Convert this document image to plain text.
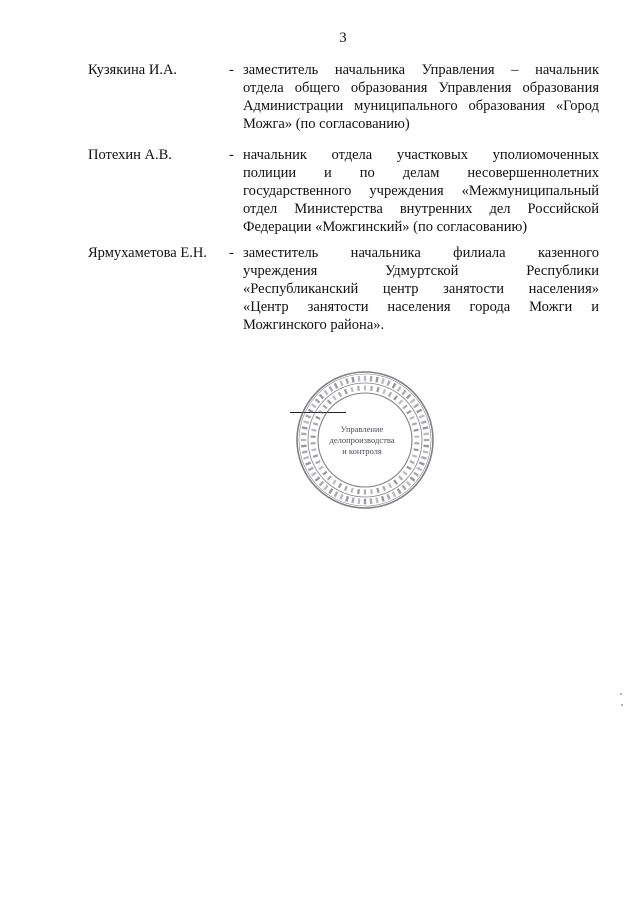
3
Кузякина И.А.	- заместитель начальника Управления – начальник
отдела общего образования Управления образования
Администрации муниципального образования «Город
Можга» (по согласованию)
Потехин А.В.	- начальник отдела участковых уполиомоченных
полиции и по делам несовершеннолетних
государственного учреждения «Межмуниципальный
отдел Министерства внутренних дел Российской
Федерации «Можгинский» (по согласованию)
Ярмухаметова Е.Н. - заместитель начальника филиала казенного
учреждения Удмуртской Республики
«Республиканский центр занятости населения»
«Центр занятости населения города Можги и
Можгинского района».
Управление
делопроизводства
и контроля
